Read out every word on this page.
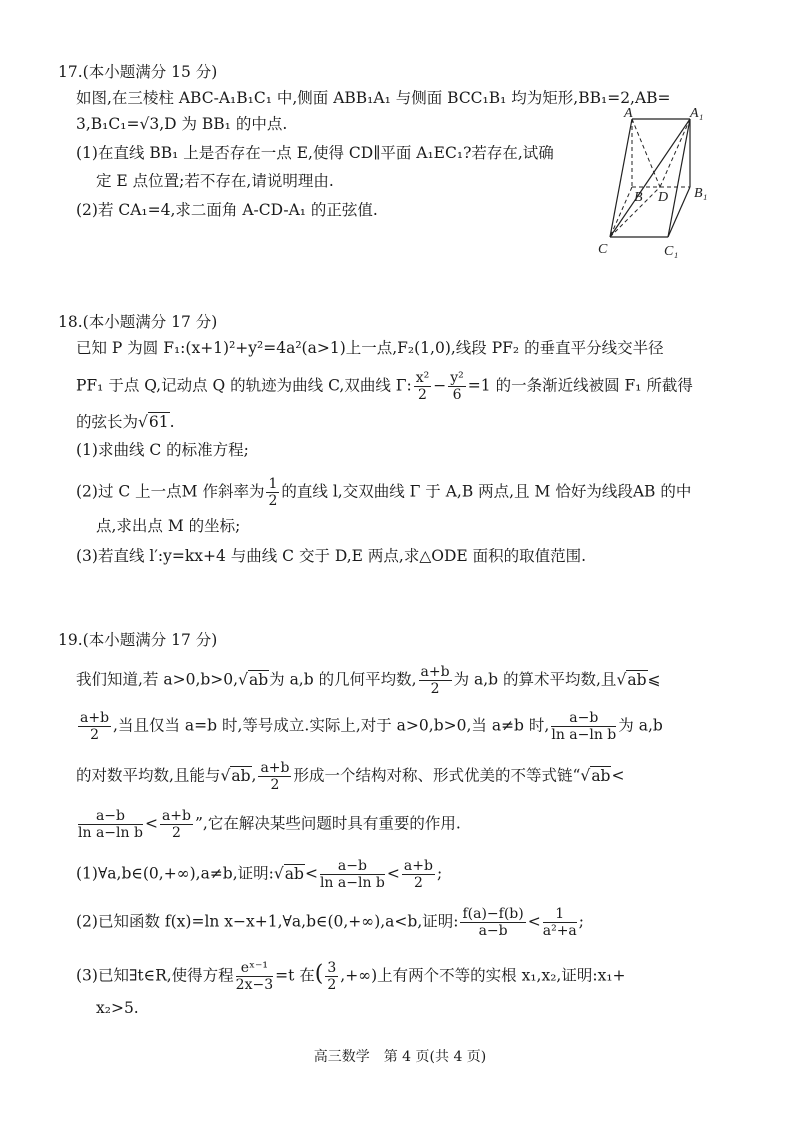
17.(本小题满分 15 分)
如图,在三棱柱 ABC-A₁B₁C₁ 中,侧面 ABB₁A₁ 与侧面 BCC₁B₁ 均为矩形,BB₁=2,AB=
3,B₁C₁=√3,D 为 BB₁ 的中点.
(1)在直线 BB₁ 上是否存在一点 E,使得 CD∥平面 A₁EC₁?若存在,试确
定 E 点位置;若不存在,请说明理由.
(2)若 CA₁=4,求二面角 A-CD-A₁ 的正弦值.
A	A₁
B D B₁
C	C₁
18.(本小题满分 17 分)
已知 P 为圆 F₁:(x+1)²+y²=4a²(a>1)上一点,F₂(1,0),线段 PF₂ 的垂直平分线交半径
PF₁ 于点 Q,记动点 Q 的轨迹为曲线 C,双曲线 Γ: $\frac{\text{x²}}{2} - \frac{\text{y²}}{6} =1$ 的一条渐近线被圆 F₁ 所截得
的弦长为√61.
(1)求曲线 C 的标准方程;
(2)过 C 上一点M 作斜率为 $\frac{1}{2}$ 的直线 l,交双曲线 Γ 于 A,B 两点,且 M 恰好为线段AB 的中
点,求出点 M 的坐标;
(3)若直线 l′:y=kx+4 与曲线 C 交于 D,E 两点,求△ODE 面积的取值范围.
19.(本小题满分 17 分)
我们知道,若 a>0,b>0,√ab为 a,b 的几何平均数, $\frac{a+b}{2}$ 为 a,b 的算术平均数,且√ab⩽
$\frac{a+b}{2}$ ,当且仅当 a=b 时,等号成立.实际上,对于 a>0,b>0,当 a≠b 时, $\frac{a-b}{\text{ln a−ln b}}$ 为 a,b
的对数平均数,且能与√ab, $\frac{a+b}{2}$ 形成一个结构对称、形式优美的不等式链“√ab<
$\frac{a-b}{\text{ln a−ln b}} < \frac{a+b}{2}$ ”,它在解决某些问题时具有重要的作用.
(1)∀a,b∈(0,+∞),a≠b,证明:√ab< $\frac{a-b}{\text{ln a−ln b}} < \frac{a+b}{2}$ ;
(2)已知函数 f(x)=ln x−x+1,∀a,b∈(0,+∞),a<b,证明: $\frac{f(a)-f(b)}{a-b} < \frac{1}{\text{a²+a}}$ ;
(3)已知∃t∈R,使得方程 $\frac{\text{eˣ⁻¹}}{2x-3} =t$ 在( $\frac{3}{2}$ ,+∞)上有两个不等的实根 x₁,x₂,证明:x₁+
x₂>5.
高三数学　第 4 页(共 4 页)
